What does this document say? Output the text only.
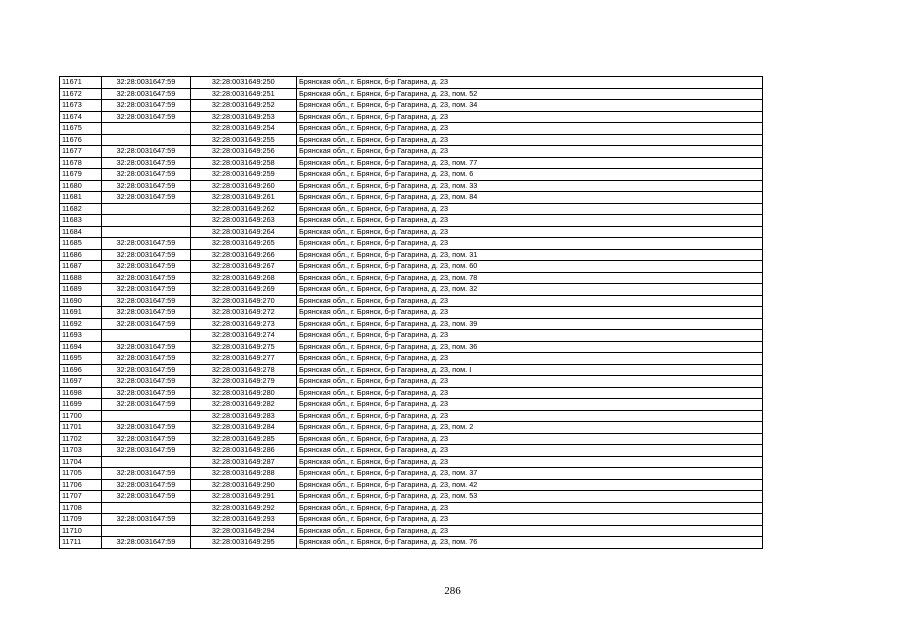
11671	32:28:0031647:59	32:28:0031649:250	Брянская обл., г. Брянск, б-р Гагарина, д. 23
11672	32:28:0031647:59	32:28:0031649:251	Брянская обл., г. Брянск, б-р Гагарина, д. 23, пом. 52
11673	32:28:0031647:59	32:28:0031649:252	Брянская обл., г. Брянск, б-р Гагарина, д. 23, пом. 34
11674	32:28:0031647:59	32:28:0031649:253	Брянская обл., г. Брянск, б-р Гагарина, д. 23
11675		32:28:0031649:254	Брянская обл., г. Брянск, б-р Гагарина, д. 23
11676		32:28:0031649:255	Брянская обл., г. Брянск, б-р Гагарина, д. 23
11677	32:28:0031647:59	32:28:0031649:256	Брянская обл., г. Брянск, б-р Гагарина, д. 23
11678	32:28:0031647:59	32:28:0031649:258	Брянская обл., г. Брянск, б-р Гагарина, д. 23, пом. 77
11679	32:28:0031647:59	32:28:0031649:259	Брянская обл., г. Брянск, б-р Гагарина, д. 23, пом. 6
11680	32:28:0031647:59	32:28:0031649:260	Брянская обл., г. Брянск, б-р Гагарина, д. 23, пом. 33
11681	32:28:0031647:59	32:28:0031649:261	Брянская обл., г. Брянск, б-р Гагарина, д. 23, пом. 84
11682		32:28:0031649:262	Брянская обл., г. Брянск, б-р Гагарина, д. 23
11683		32:28:0031649:263	Брянская обл., г. Брянск, б-р Гагарина, д. 23
11684		32:28:0031649:264	Брянская обл., г. Брянск, б-р Гагарина, д. 23
11685	32:28:0031647:59	32:28:0031649:265	Брянская обл., г. Брянск, б-р Гагарина, д. 23
11686	32:28:0031647:59	32:28:0031649:266	Брянская обл., г. Брянск, б-р Гагарина, д. 23, пом. 31
11687	32:28:0031647:59	32:28:0031649:267	Брянская обл., г. Брянск, б-р Гагарина, д. 23, пом. 60
11688	32:28:0031647:59	32:28:0031649:268	Брянская обл., г. Брянск, б-р Гагарина, д. 23, пом. 78
11689	32:28:0031647:59	32:28:0031649:269	Брянская обл., г. Брянск, б-р Гагарина, д. 23, пом. 32
11690	32:28:0031647:59	32:28:0031649:270	Брянская обл., г. Брянск, б-р Гагарина, д. 23
11691	32:28:0031647:59	32:28:0031649:272	Брянская обл., г. Брянск, б-р Гагарина, д. 23
11692	32:28:0031647:59	32:28:0031649:273	Брянская обл., г. Брянск, б-р Гагарина, д. 23, пом. 39
11693		32:28:0031649:274	Брянская обл., г. Брянск, б-р Гагарина, д. 23
11694	32:28:0031647:59	32:28:0031649:275	Брянская обл., г. Брянск, б-р Гагарина, д. 23, пом. 36
11695	32:28:0031647:59	32:28:0031649:277	Брянская обл., г. Брянск, б-р Гагарина, д. 23
11696	32:28:0031647:59	32:28:0031649:278	Брянская обл., г. Брянск, б-р Гагарина, д. 23, пом. I
11697	32:28:0031647:59	32:28:0031649:279	Брянская обл., г. Брянск, б-р Гагарина, д. 23
11698	32:28:0031647:59	32:28:0031649:280	Брянская обл., г. Брянск, б-р Гагарина, д. 23
11699	32:28:0031647:59	32:28:0031649:282	Брянская обл., г. Брянск, б-р Гагарина, д. 23
11700		32:28:0031649:283	Брянская обл., г. Брянск, б-р Гагарина, д. 23
11701	32:28:0031647:59	32:28:0031649:284	Брянская обл., г. Брянск, б-р Гагарина, д. 23, пом. 2
11702	32:28:0031647:59	32:28:0031649:285	Брянская обл., г. Брянск, б-р Гагарина, д. 23
11703	32:28:0031647:59	32:28:0031649:286	Брянская обл., г. Брянск, б-р Гагарина, д. 23
11704		32:28:0031649:287	Брянская обл., г. Брянск, б-р Гагарина, д. 23
11705	32:28:0031647:59	32:28:0031649:288	Брянская обл., г. Брянск, б-р Гагарина, д. 23, пом. 37
11706	32:28:0031647:59	32:28:0031649:290	Брянская обл., г. Брянск, б-р Гагарина, д. 23, пом. 42
11707	32:28:0031647:59	32:28:0031649:291	Брянская обл., г. Брянск, б-р Гагарина, д. 23, пом. 53
11708		32:28:0031649:292	Брянская обл., г. Брянск, б-р Гагарина, д. 23
11709	32:28:0031647:59	32:28:0031649:293	Брянская обл., г. Брянск, б-р Гагарина, д. 23
11710		32:28:0031649:294	Брянская обл., г. Брянск, б-р Гагарина, д. 23
11711	32:28:0031647:59	32:28:0031649:295	Брянская обл., г. Брянск, б-р Гагарина, д. 23, пом. 76
286
